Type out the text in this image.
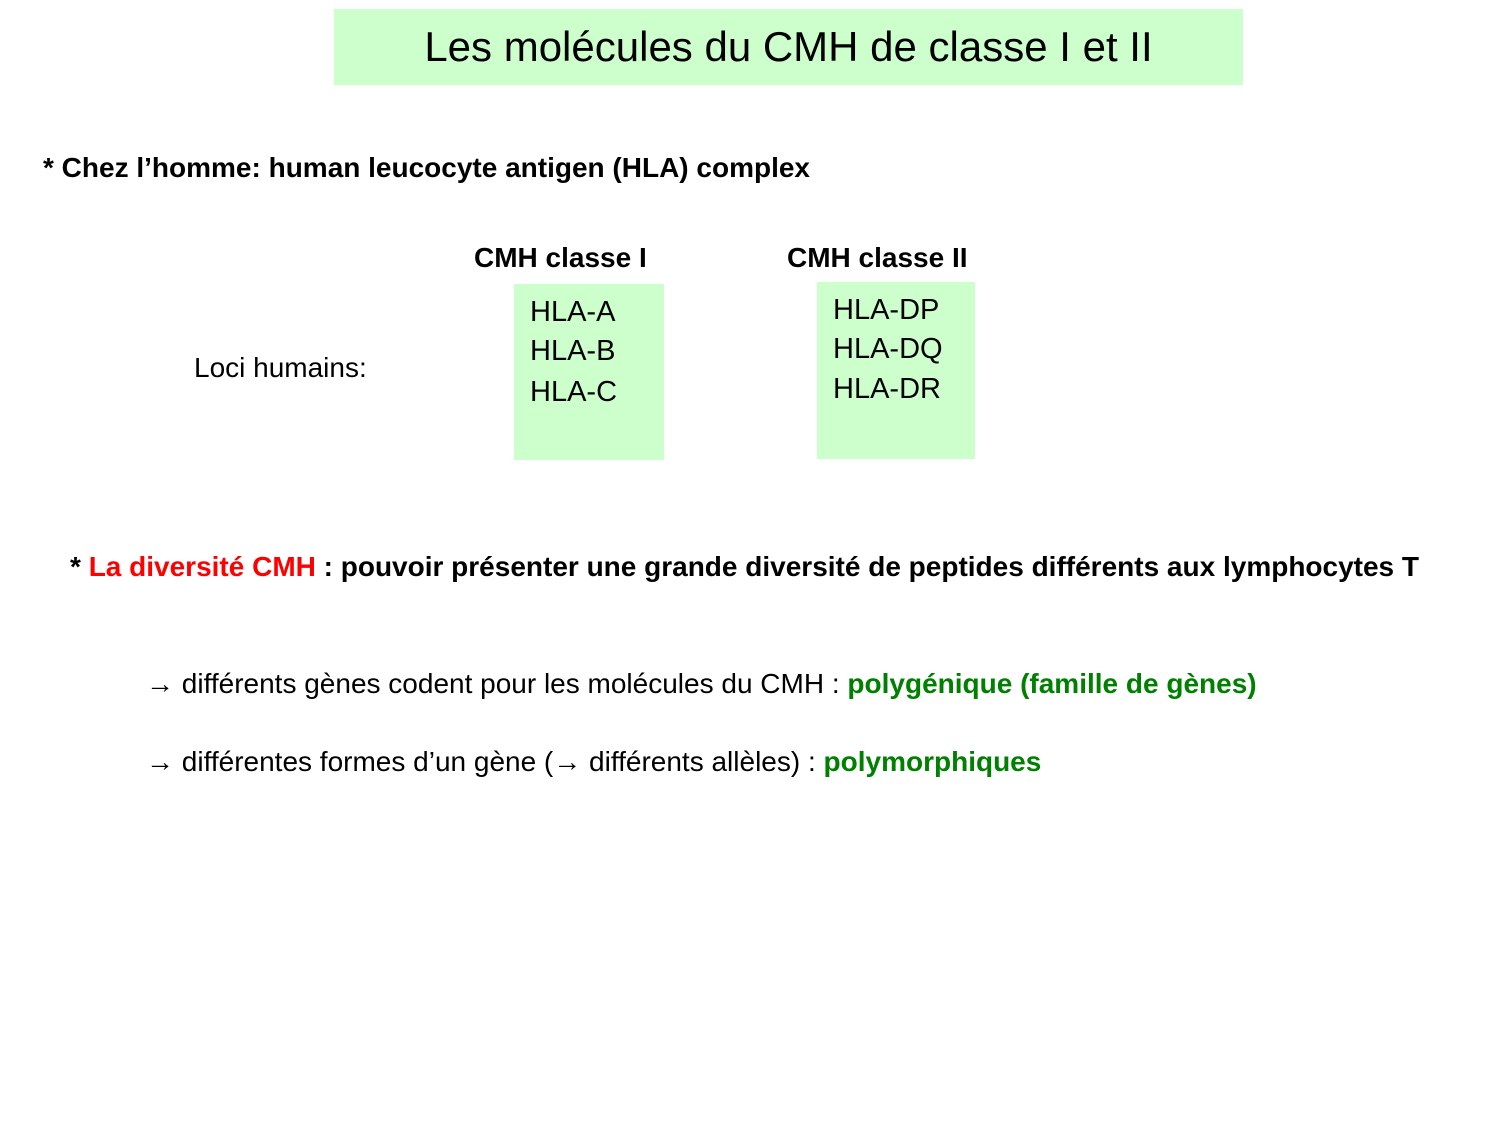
Les molécules du CMH de classe I et II
* Chez l’homme: human leucocyte antigen (HLA) complex
CMH classe I	CMH classe II
Loci humains:
HLA-A
HLA-B
HLA-C
HLA-DP
HLA-DQ
HLA-DR
* La diversité CMH : pouvoir présenter une grande diversité de peptides différents aux lymphocytes T
→ différents gènes codent pour les molécules du CMH : polygénique (famille de gènes)
→ différentes formes d’un gène (→ différents allèles) : polymorphiques
